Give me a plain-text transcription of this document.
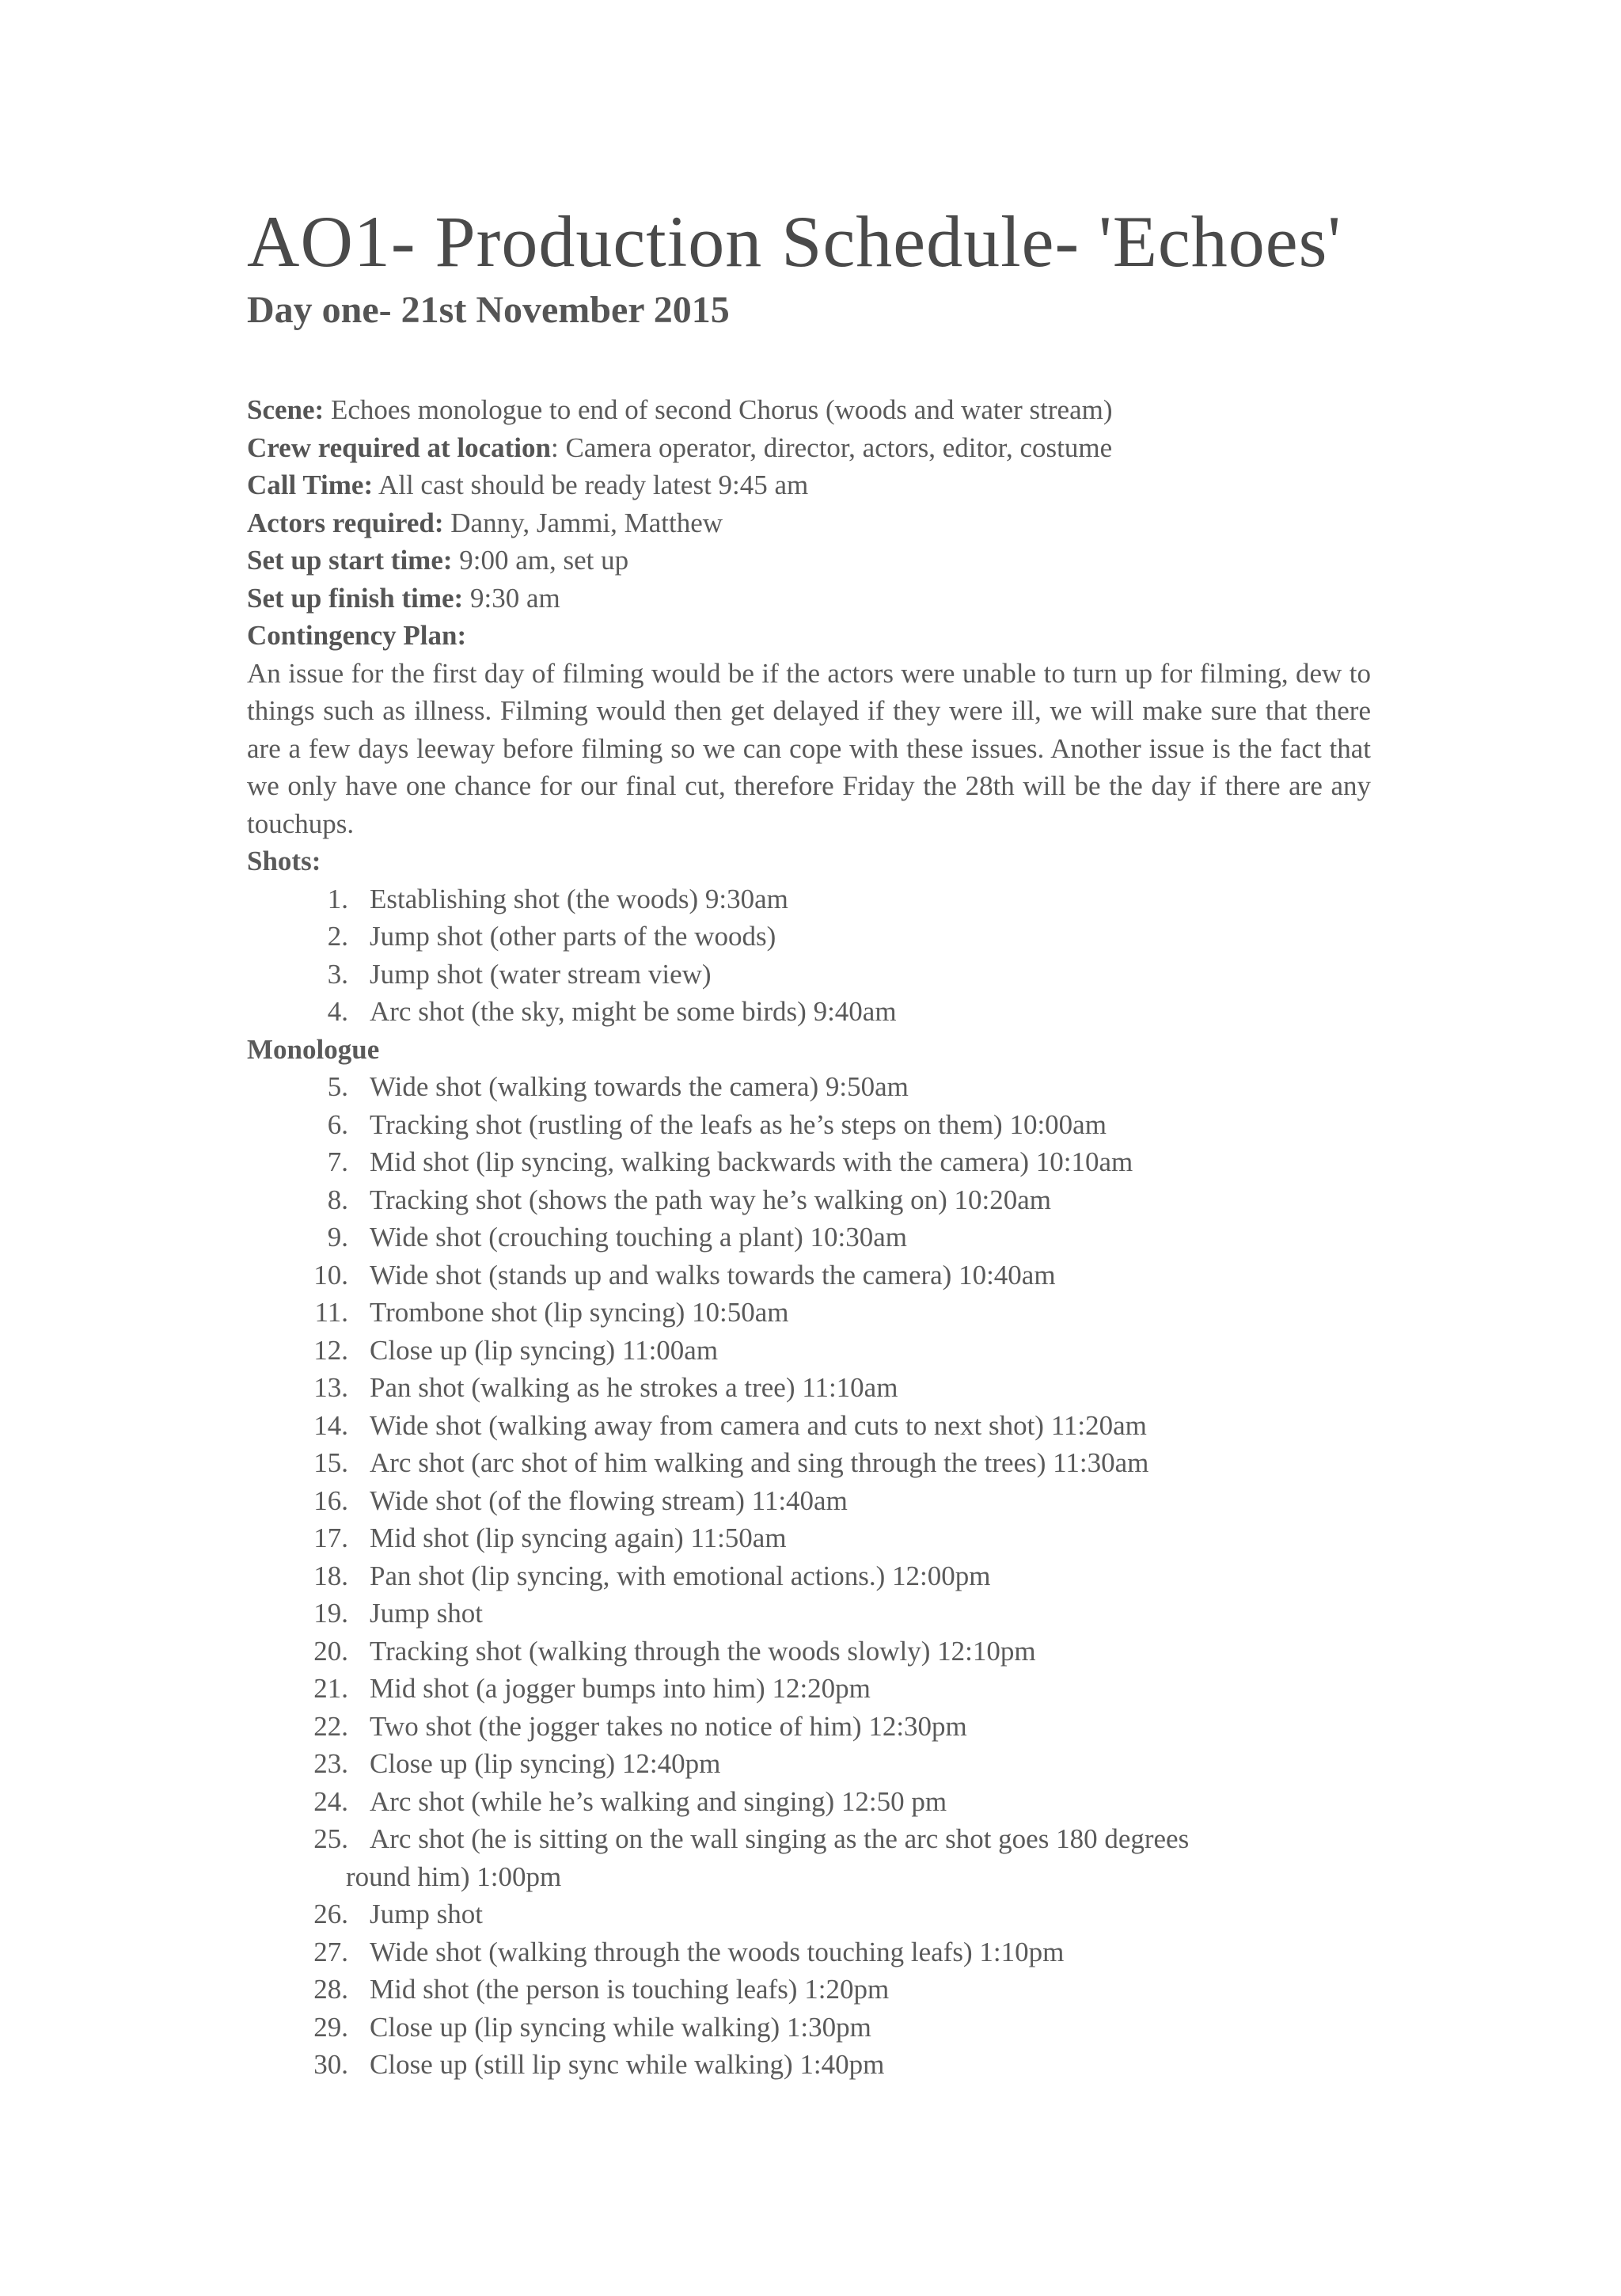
AO1- Production Schedule- 'Echoes'
Day one- 21st November 2015
Scene: Echoes monologue to end of second Chorus (woods and water stream)
Crew required at location: Camera operator, director, actors, editor, costume
Call Time: All cast should be ready latest 9:45 am
Actors required: Danny, Jammi, Matthew
Set up start time: 9:00 am, set up
Set up finish time: 9:30 am
Contingency Plan:

An issue for the first day of filming would be if the actors were unable to turn up for filming, dew to things such as illness. Filming would then get delayed if they were ill, we will make sure that there are a few days leeway before filming so we can cope with these issues. Another issue is the fact that we only have one chance for our final cut, therefore Friday the 28th will be the day if there are any touchups.

Shots:
1. Establishing shot (the woods) 9:30am
2. Jump shot (other parts of the woods)
3. Jump shot (water stream view)
4. Arc shot (the sky, might be some birds) 9:40am
Monologue
5. Wide shot (walking towards the camera) 9:50am
6. Tracking shot (rustling of the leafs as he’s steps on them) 10:00am
7. Mid shot (lip syncing, walking backwards with the camera) 10:10am
8. Tracking shot (shows the path way he’s walking on) 10:20am
9. Wide shot (crouching touching a plant) 10:30am
10. Wide shot (stands up and walks towards the camera) 10:40am
11. Trombone shot (lip syncing) 10:50am
12. Close up (lip syncing) 11:00am
13. Pan shot (walking as he strokes a tree) 11:10am
14. Wide shot (walking away from camera and cuts to next shot) 11:20am
15. Arc shot (arc shot of him walking and sing through the trees) 11:30am
16. Wide shot (of the flowing stream) 11:40am
17. Mid shot (lip syncing again) 11:50am
18. Pan shot (lip syncing, with emotional actions.) 12:00pm
19. Jump shot
20. Tracking shot (walking through the woods slowly) 12:10pm
21. Mid shot (a jogger bumps into him) 12:20pm
22. Two shot (the jogger takes no notice of him) 12:30pm
23. Close up (lip syncing) 12:40pm
24. Arc shot (while he’s walking and singing) 12:50 pm
25. Arc shot (he is sitting on the wall singing as the arc shot goes 180 degrees
round him) 1:00pm
26. Jump shot
27. Wide shot (walking through the woods touching leafs) 1:10pm
28. Mid shot (the person is touching leafs) 1:20pm
29. Close up (lip syncing while walking) 1:30pm
30. Close up (still lip sync while walking) 1:40pm
